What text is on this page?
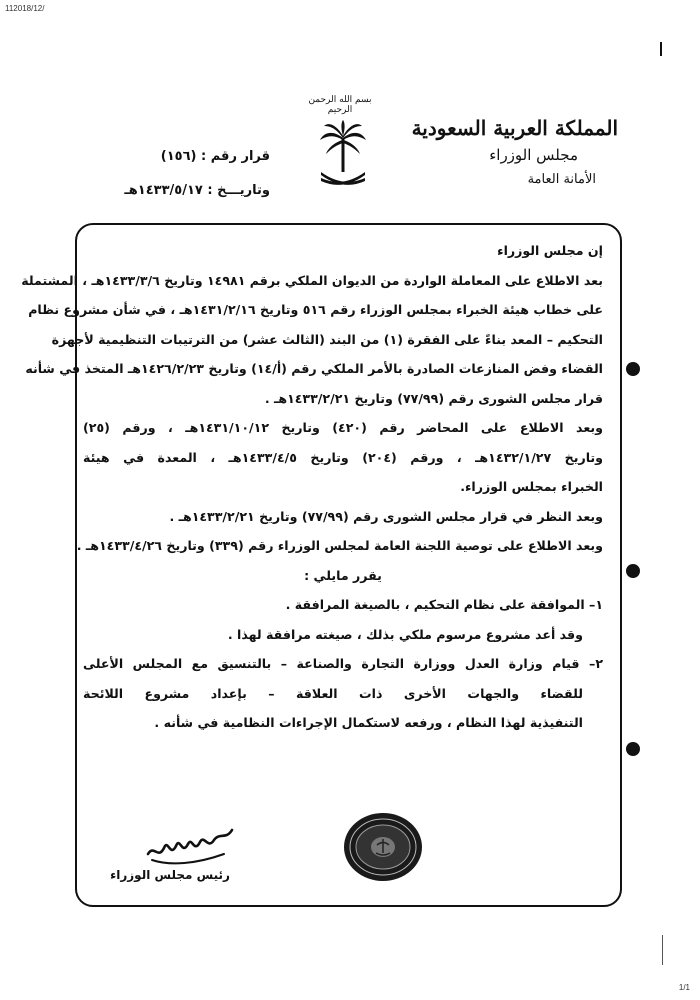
112018/12/
بسم الله الرحمن الرحيم
المملكة العربية السعودية
مجلس الوزراء
الأمانة العامة
قرار رقم : (١٥٦)
وتاريـــخ : ١٤٣٣/٥/١٧هـ

إن مجلس الوزراء

بعد الاطلاع على المعاملة الواردة من الديوان الملكي برقم ١٤٩٨١ وتاريخ ١٤٣٣/٣/٦هـ ، المشتملة

على خطاب هيئة الخبراء بمجلس الوزراء رقم ٥١٦ وتاريخ ١٤٣١/٢/١٦هـ ، في شأن مشروع نظام

التحكيم – المعد بناءً على الفقرة (١) من البند (الثالث عشر) من الترتيبات التنظيمية لأجهزة

القضاء وفض المنازعات الصادرة بالأمر الملكي رقم (أ/١٤) وتاريخ ١٤٢٦/٢/٢٣هـ المتخذ في شأنه

قرار مجلس الشورى رقم (٧٧/٩٩) وتاريخ ١٤٣٣/٢/٢١هـ .

وبعد الاطلاع على المحاضر رقم (٤٢٠) وتاريخ ١٤٣١/١٠/١٢هـ ، ورقم (٢٥)

وتاريخ ١٤٣٢/١/٢٧هـ ، ورقم (٢٠٤) وتاريخ ١٤٣٣/٤/٥هـ ، المعدة في هيئة

الخبراء بمجلس الوزراء.

وبعد النظر في قرار مجلس الشورى رقم (٧٧/٩٩) وتاريخ ١٤٣٣/٢/٢١هـ .

وبعد الاطلاع على توصية اللجنة العامة لمجلس الوزراء رقم (٣٣٩) وتاريخ ١٤٣٣/٤/٢٦هـ .

يقرر مايلي :

١– الموافقة على نظام التحكيم ، بالصيغة المرافقة .

وقد أعد مشروع مرسوم ملكي بذلك ، صيغته مرافقة لهذا .

٢– قيام وزارة العدل ووزارة التجارة والصناعة – بالتنسيق مع المجلس الأعلى

للقضاء والجهات الأخرى ذات العلاقة – بإعداد مشروع اللائحة

التنفيذية لهذا النظام ، ورفعه لاستكمال الإجراءات النظامية في شأنه .

رئيس مجلس الوزراء
1/1
